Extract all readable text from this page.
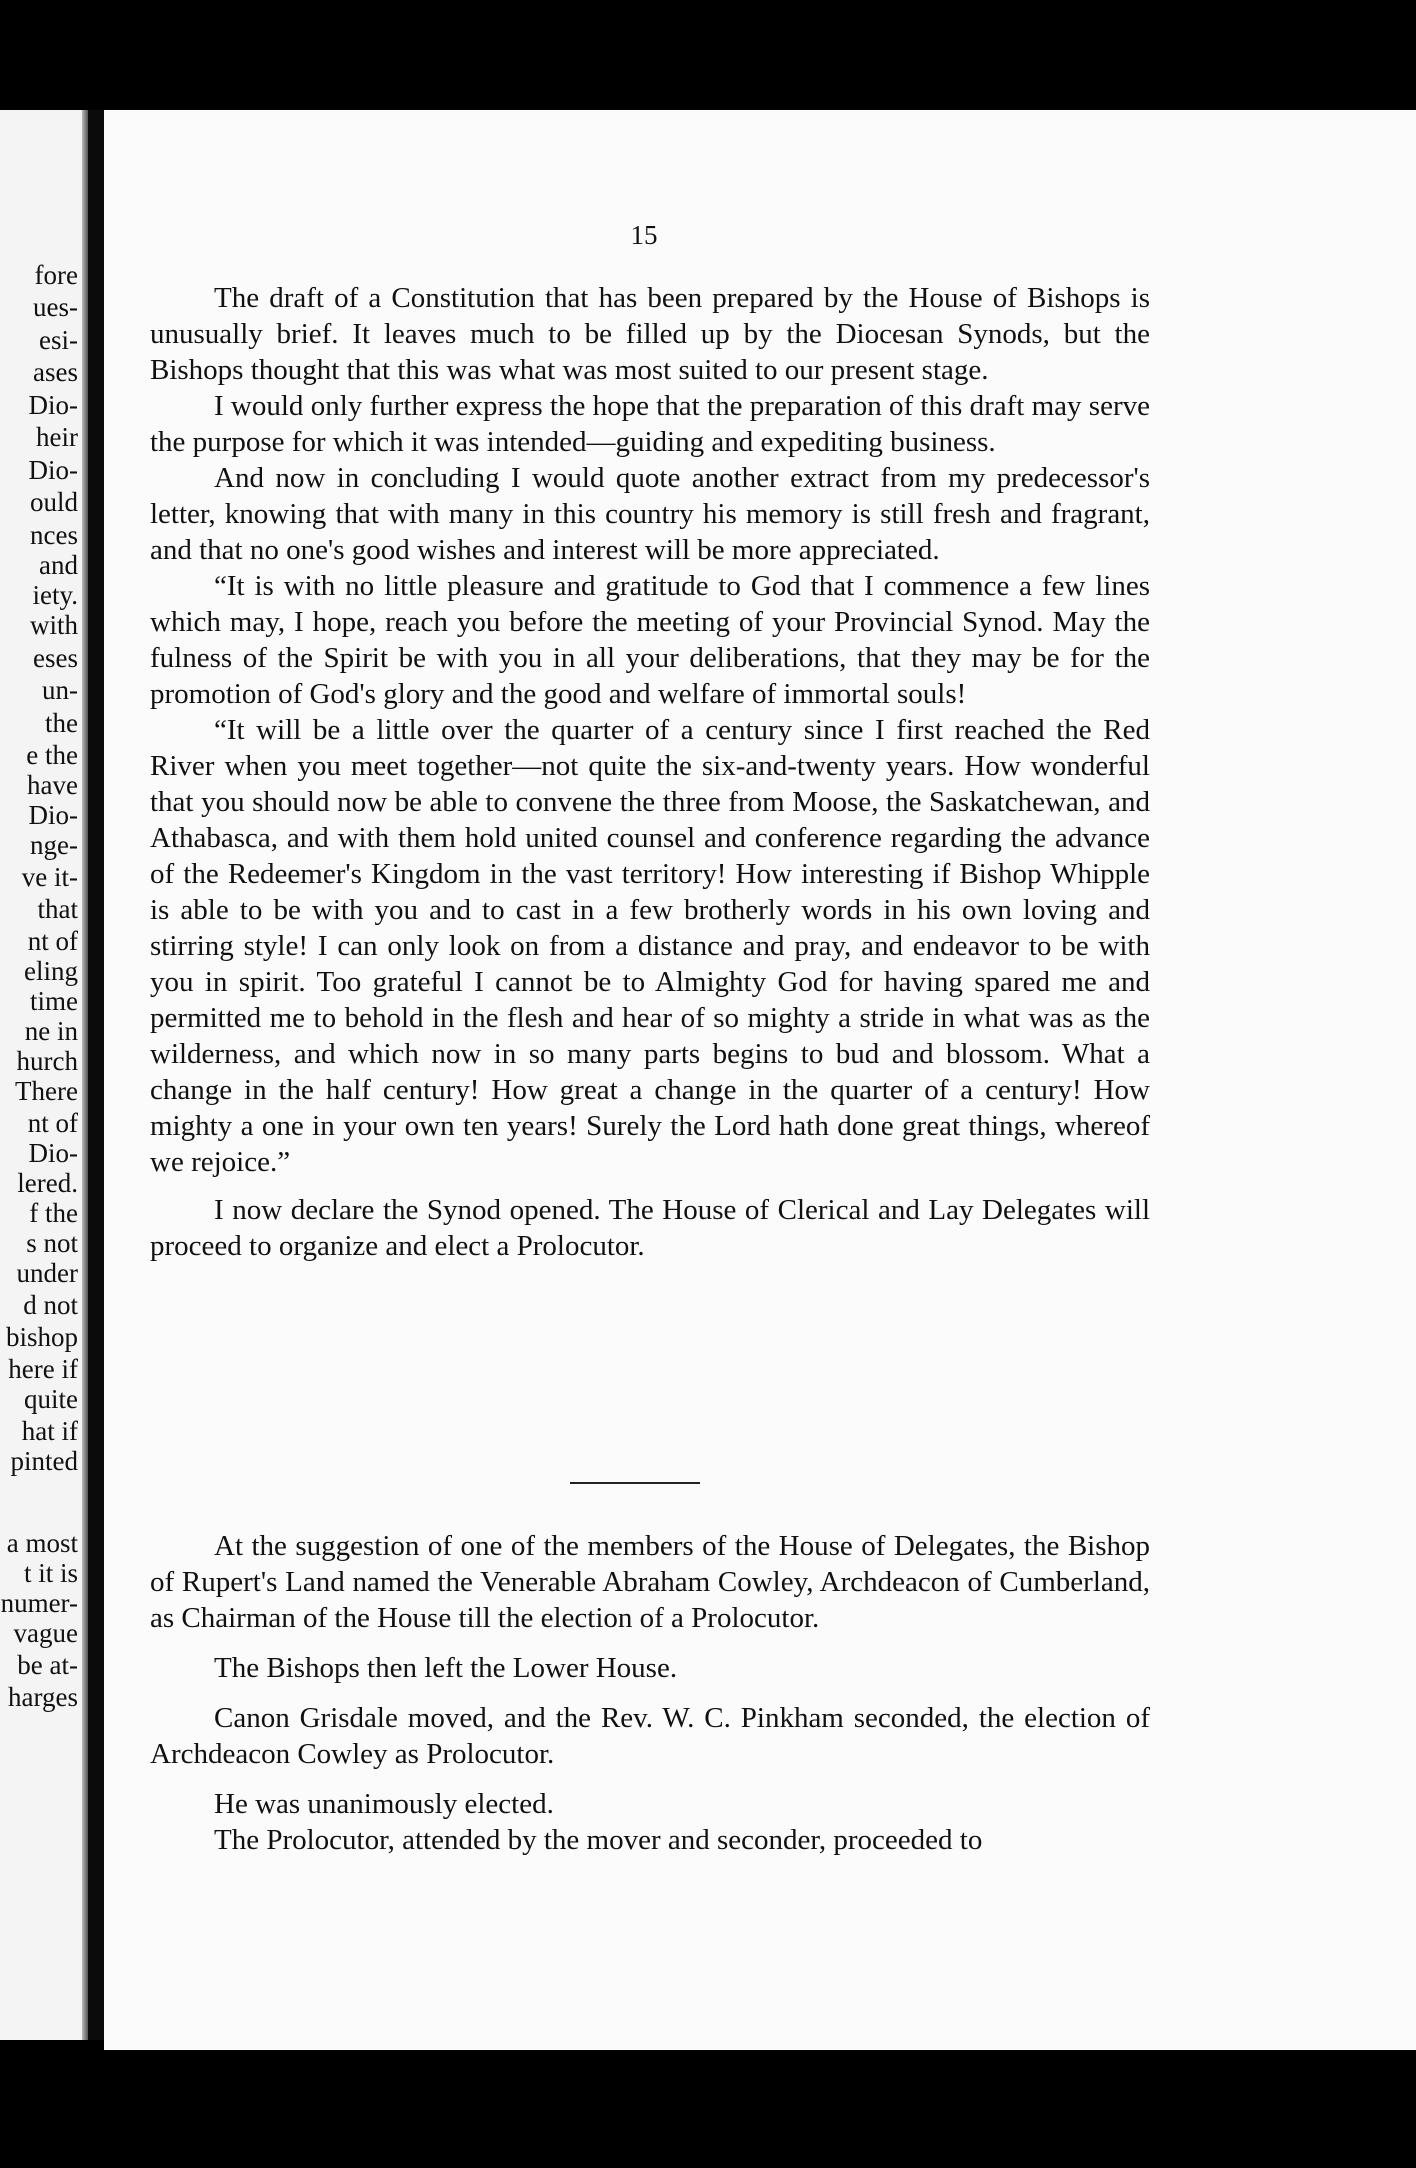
fore
ues-
esi-
ases
Dio-
heir
Dio-
ould
nces
and
iety.
with
eses
un-
the
e the
have
Dio-
nge-
ve it-
that
nt of
eling
time
ne in
hurch
There
nt of
Dio-
lered.
f the
s not
under
d not
bishop
here if
quite
hat if
pinted
a most
t it is
numer-
vague
be at-
harges
15

The draft of a Constitution that has been prepared by the House of Bishops is unusually brief. It leaves much to be filled up by the Diocesan Synods, but the Bishops thought that this was what was most suited to our present stage.

I would only further express the hope that the preparation of this draft may serve the purpose for which it was intended—guiding and expediting business.

And now in concluding I would quote another extract from my predecessor's letter, knowing that with many in this country his memory is still fresh and fragrant, and that no one's good wishes and interest will be more appreciated.

“It is with no little pleasure and gratitude to God that I commence a few lines which may, I hope, reach you before the meeting of your Provincial Synod. May the fulness of the Spirit be with you in all your deliberations, that they may be for the promotion of God's glory and the good and welfare of immortal souls!

“It will be a little over the quarter of a century since I first reached the Red River when you meet together—not quite the six-and-twenty years. How wonderful that you should now be able to convene the three from Moose, the Saskatchewan, and Athabasca, and with them hold united counsel and conference regarding the advance of the Redeemer's Kingdom in the vast territory! How interesting if Bishop Whipple is able to be with you and to cast in a few brotherly words in his own loving and stirring style! I can only look on from a distance and pray, and endeavor to be with you in spirit. Too grateful I cannot be to Almighty God for having spared me and permitted me to behold in the flesh and hear of so mighty a stride in what was as the wilderness, and which now in so many parts begins to bud and blossom. What a change in the half century! How great a change in the quarter of a century! How mighty a one in your own ten years! Surely the Lord hath done great things, whereof we rejoice.”

I now declare the Synod opened. The House of Clerical and Lay Delegates will proceed to organize and elect a Prolocutor.

At the suggestion of one of the members of the House of Delegates, the Bishop of Rupert's Land named the Venerable Abraham Cowley, Archdeacon of Cumberland, as Chairman of the House till the election of a Prolocutor.

The Bishops then left the Lower House.

Canon Grisdale moved, and the Rev. W. C. Pinkham seconded, the election of Archdeacon Cowley as Prolocutor.

He was unanimously elected.

The Prolocutor, attended by the mover and seconder, proceeded to
